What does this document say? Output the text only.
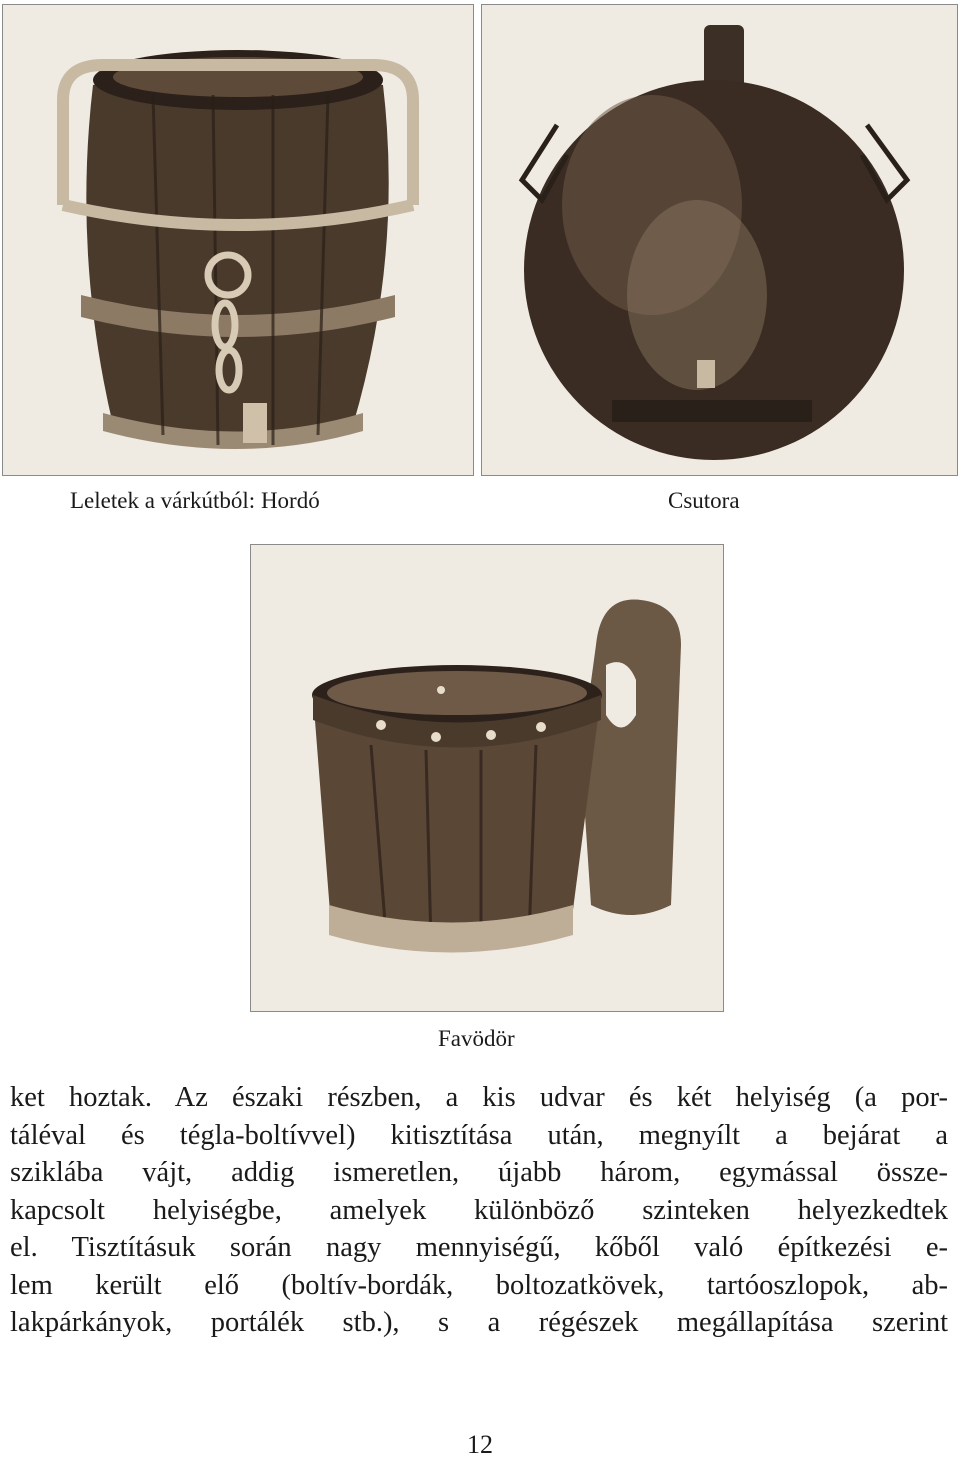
Leletek a várkútból: Hordó	Csutora
Favödör
ket hoztak. Az északi részben, a kis udvar és két helyiség (a por-
táléval és tégla-boltívvel) kitisztítása után, megnyílt a bejárat a
sziklába vájt, addig ismeretlen, újabb három, egymással össze-
kapcsolt helyiségbe, amelyek különböző szinteken helyezkedtek
el. Tisztításuk során nagy mennyiségű, kőből való építkezési e-
lem került elő (boltív-bordák, boltozatkövek, tartóoszlopok, ab-
lakpárkányok, portálék stb.), s a régészek megállapítása szerint
12
